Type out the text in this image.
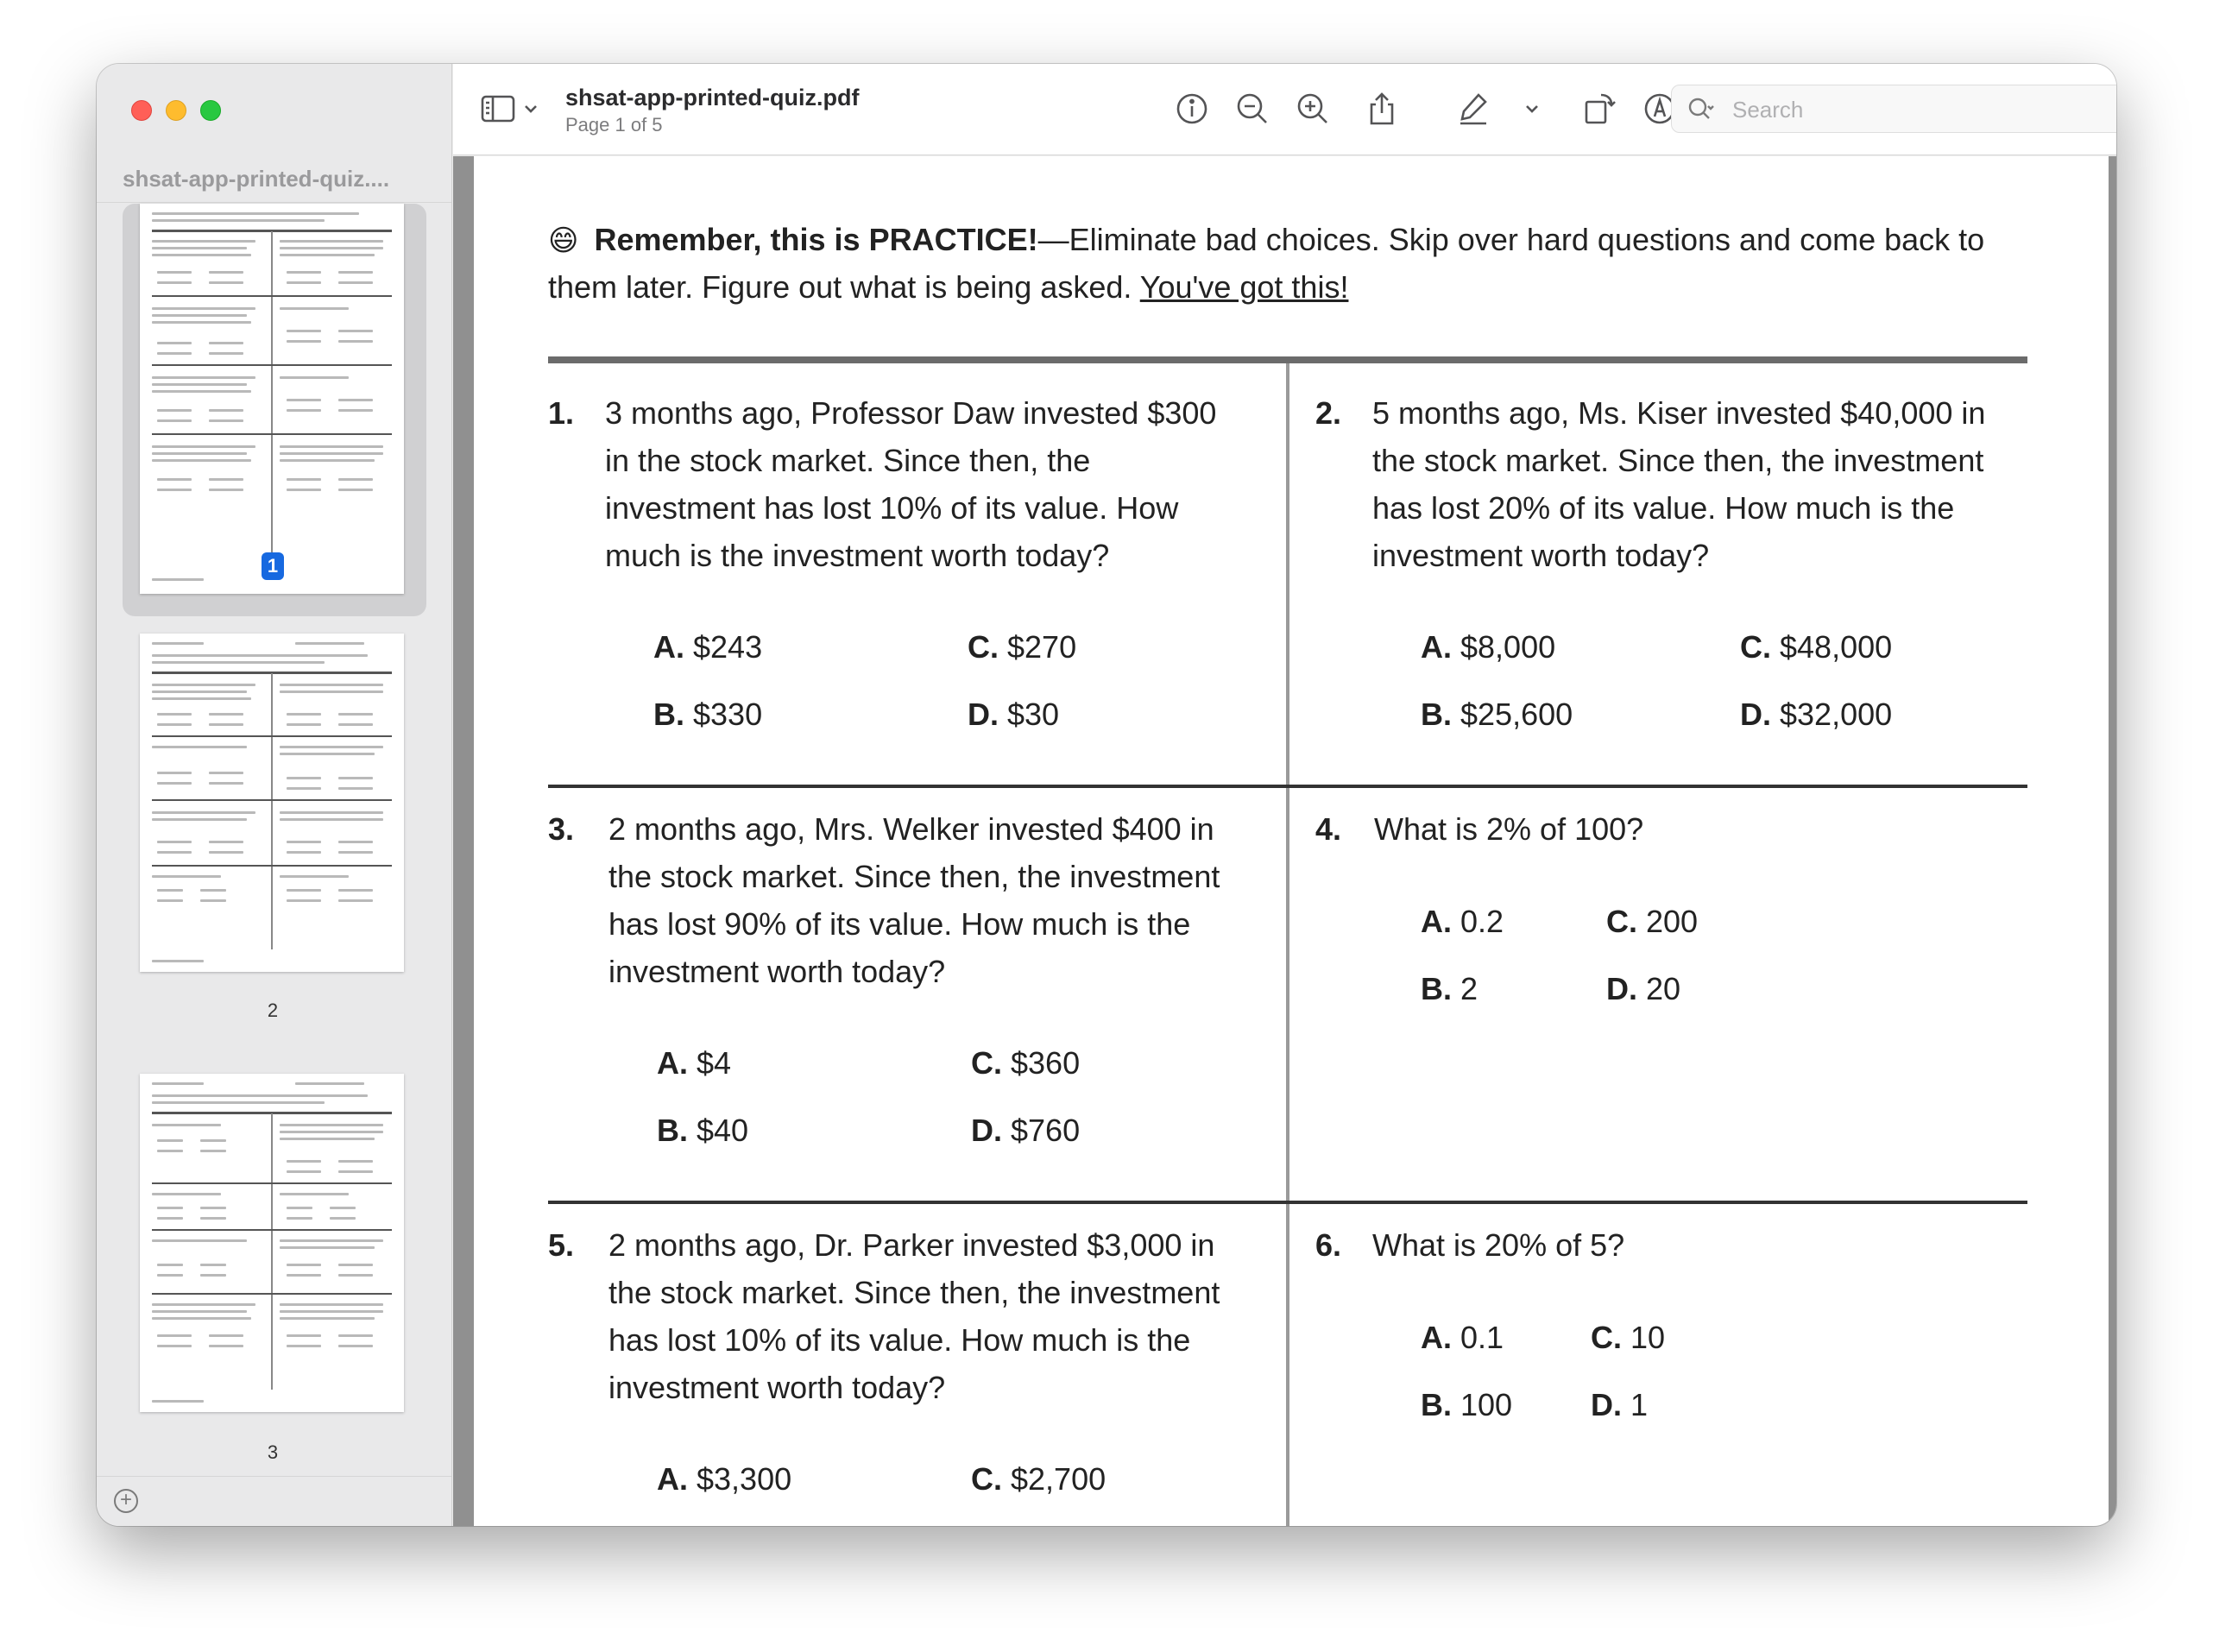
shsat-app-printed-quiz....
1
2
3
+
shsat-app-printed-quiz.pdf
Page 1 of 5
Search
😄 Remember, this is PRACTICE!—Eliminate bad choices. Skip over hard questions and come back to them later. Figure out what is being asked. You've got this!
1. 3 months ago, Professor Daw invested $300 in the stock market. Since then, the investment has lost 10% of its value. How much is the investment worth today?
A. $243	C. $270
B. $330	D. $30
2. 5 months ago, Ms. Kiser invested $40,000 in the stock market. Since then, the investment has lost 20% of its value. How much is the investment worth today?
A. $8,000	C. $48,000
B. $25,600	D. $32,000
3. 2 months ago, Mrs. Welker invested $400 in the stock market. Since then, the investment has lost 90% of its value. How much is the investment worth today?
A. $4	C. $360
B. $40	D. $760
4. What is 2% of 100?
A. 0.2	C. 200
B. 2	D. 20
5. 2 months ago, Dr. Parker invested $3,000 in the stock market. Since then, the investment has lost 10% of its value. How much is the investment worth today?
A. $3,300	C. $2,700
6. What is 20% of 5?
A. 0.1	C. 10
B. 100	D. 1
